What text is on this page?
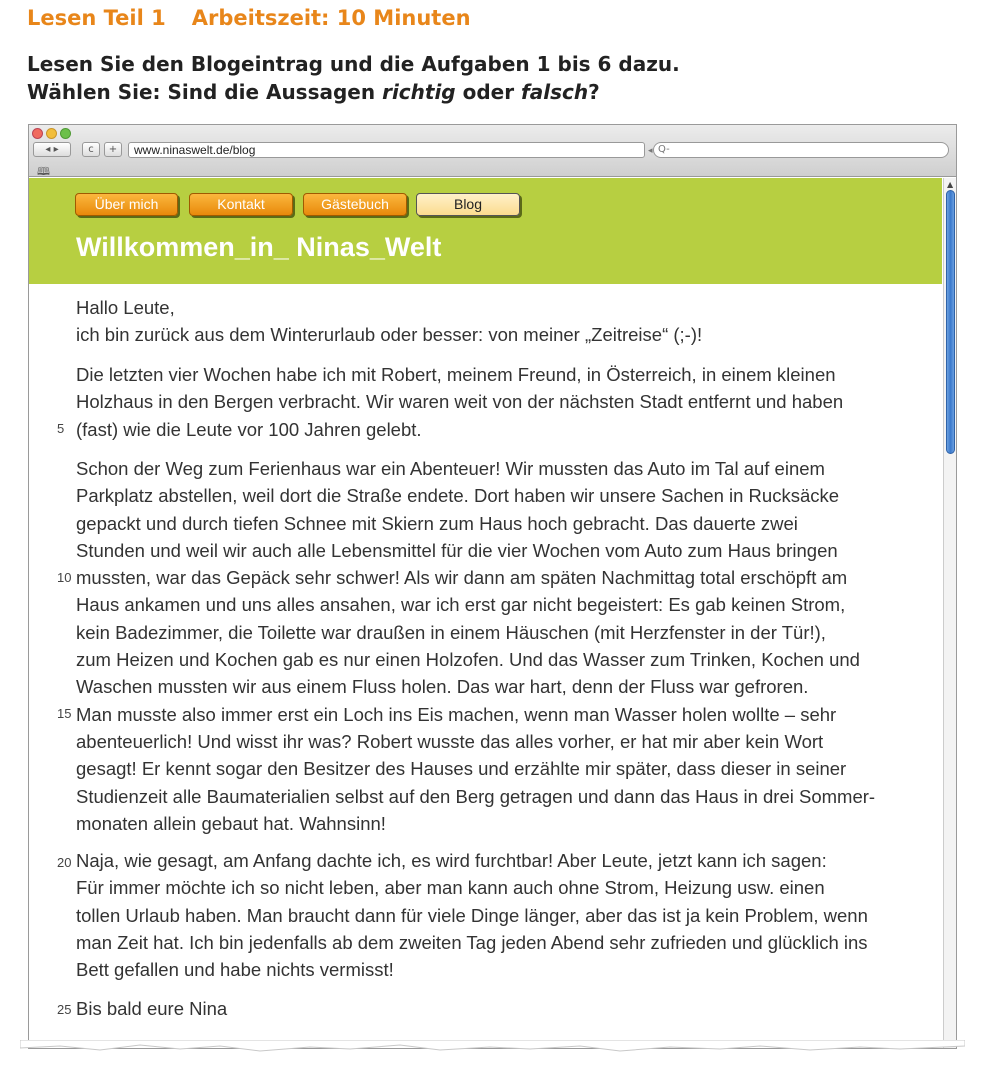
Lesen Teil 1 Arbeitszeit: 10 Minuten
Lesen Sie den Blogeintrag und die Aufgaben 1 bis 6 dazu.
Wählen Sie: Sind die Aussagen richtig oder falsch?
◂ ▸	c	+	www.ninaswelt.de/blog	◂ Q-
🕮
Über mich	Kontakt	Gästebuch	Blog
Willkommen_in_ Ninas_Welt
▲
Hallo Leute,
ich bin zurück aus dem Winterurlaub oder besser: von meiner „Zeitreise“ (;-)!
Die letzten vier Wochen habe ich mit Robert, meinem Freund, in Österreich, in einem kleinen
Holzhaus in den Bergen verbracht. Wir waren weit von der nächsten Stadt entfernt und haben
(fast) wie die Leute vor 100 Jahren gelebt.
Schon der Weg zum Ferienhaus war ein Abenteuer! Wir mussten das Auto im Tal auf einem
Parkplatz abstellen, weil dort die Straße endete. Dort haben wir unsere Sachen in Rucksäcke
gepackt und durch tiefen Schnee mit Skiern zum Haus hoch gebracht. Das dauerte zwei
Stunden und weil wir auch alle Lebensmittel für die vier Wochen vom Auto zum Haus bringen
mussten, war das Gepäck sehr schwer! Als wir dann am späten Nachmittag total erschöpft am
Haus ankamen und uns alles ansahen, war ich erst gar nicht begeistert: Es gab keinen Strom,
kein Badezimmer, die Toilette war draußen in einem Häuschen (mit Herzfenster in der Tür!),
zum Heizen und Kochen gab es nur einen Holzofen. Und das Wasser zum Trinken, Kochen und
Waschen mussten wir aus einem Fluss holen. Das war hart, denn der Fluss war gefroren.
Man musste also immer erst ein Loch ins Eis machen, wenn man Wasser holen wollte – sehr
abenteuerlich! Und wisst ihr was? Robert wusste das alles vorher, er hat mir aber kein Wort
gesagt! Er kennt sogar den Besitzer des Hauses und erzählte mir später, dass dieser in seiner
Studienzeit alle Baumaterialien selbst auf den Berg getragen und dann das Haus in drei Sommer-
monaten allein gebaut hat. Wahnsinn!
Naja, wie gesagt, am Anfang dachte ich, es wird furchtbar! Aber Leute, jetzt kann ich sagen:
Für immer möchte ich so nicht leben, aber man kann auch ohne Strom, Heizung usw. einen
tollen Urlaub haben. Man braucht dann für viele Dinge länger, aber das ist ja kein Problem, wenn
man Zeit hat. Ich bin jedenfalls ab dem zweiten Tag jeden Abend sehr zufrieden und glücklich ins
Bett gefallen und habe nichts vermisst!
Bis bald eure Nina
5
10
15
20
25
